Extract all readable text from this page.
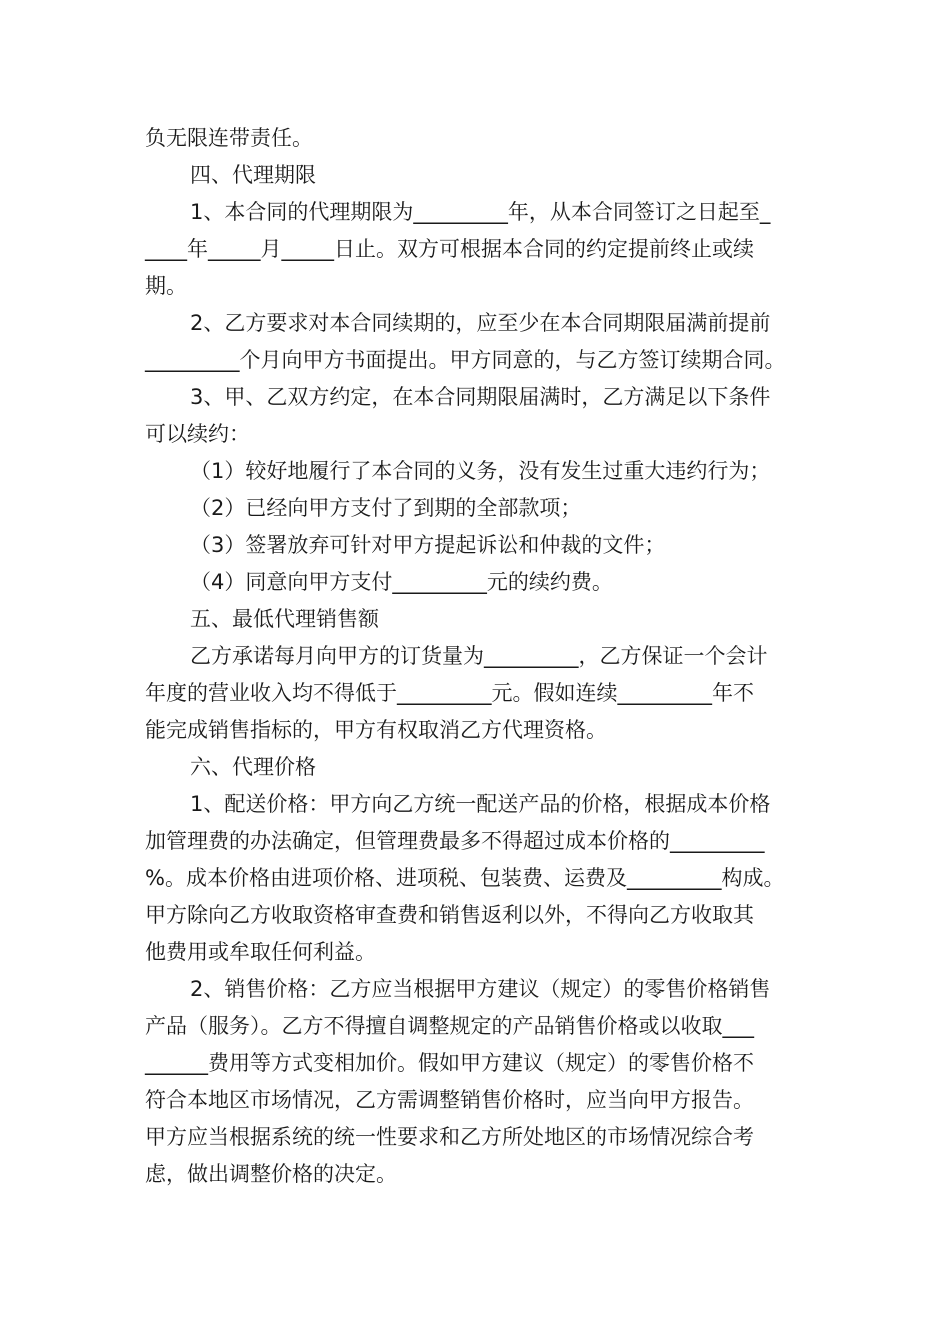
负无限连带责任。
四、代理期限
1、本合同的代理期限为_________年，从本合同签订之日起至_
____年_____月_____日止。双方可根据本合同的约定提前终止或续
期。
2、乙方要求对本合同续期的，应至少在本合同期限届满前提前
_________个月向甲方书面提出。甲方同意的，与乙方签订续期合同。
3、甲、乙双方约定，在本合同期限届满时，乙方满足以下条件
可以续约：
（1）较好地履行了本合同的义务，没有发生过重大违约行为；
（2）已经向甲方支付了到期的全部款项；
（3）签署放弃可针对甲方提起诉讼和仲裁的文件；
（4）同意向甲方支付_________元的续约费。
五、最低代理销售额
乙方承诺每月向甲方的订货量为_________，乙方保证一个会计
年度的营业收入均不得低于_________元。假如连续_________年不
能完成销售指标的，甲方有权取消乙方代理资格。
六、代理价格
1、配送价格：甲方向乙方统一配送产品的价格，根据成本价格
加管理费的办法确定，但管理费最多不得超过成本价格的_________
%。成本价格由进项价格、进项税、包装费、运费及_________构成。
甲方除向乙方收取资格审查费和销售返利以外，不得向乙方收取其
他费用或牟取任何利益。
2、销售价格：乙方应当根据甲方建议（规定）的零售价格销售
产品（服务）。乙方不得擅自调整规定的产品销售价格或以收取___
______费用等方式变相加价。假如甲方建议（规定）的零售价格不
符合本地区市场情况，乙方需调整销售价格时，应当向甲方报告。
甲方应当根据系统的统一性要求和乙方所处地区的市场情况综合考
虑，做出调整价格的决定。
